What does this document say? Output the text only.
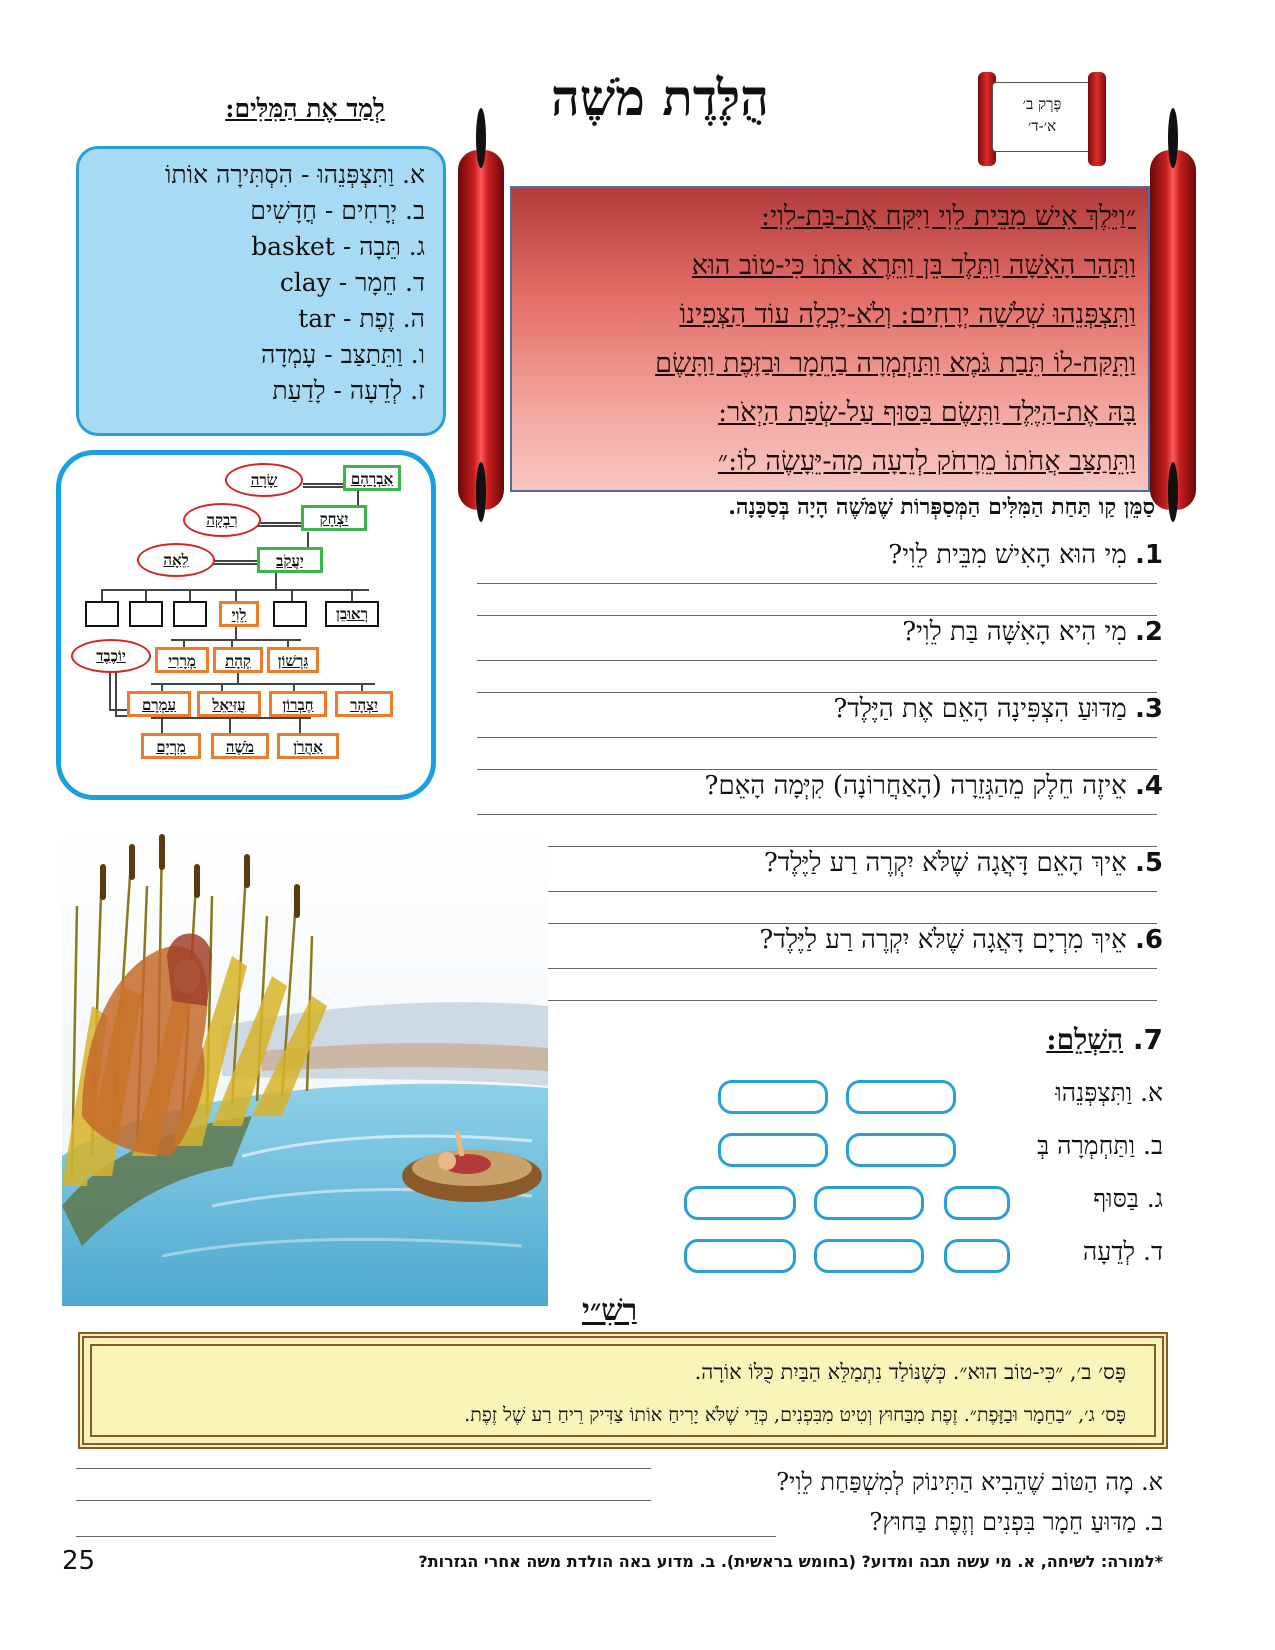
הֻלֶּדֶת מֹשֶׁה	פֶּרֶק ב׳
א׳-ד׳
לְמַד אֶת הַמִּלִּים:
א. וַתִּצְפְּנֵהוּ - הִסְתִּירָה אוֹתוֹ
ב. יְרָחִים - חֳדָשִׁים
ג. תֵּבָה - basket
ד. חֵמָר - clay
ה. זֶפֶת - tar
ו. וַתֵּתַצַּב - עָמְדָה
ז. לְדֵעָה - לָדַעַת
״וַיֵּלֶךְ אִישׁ מִבֵּית לֵוִי וַיִּקַּח אֶת-בַּת-לֵוִי:
וַתַּהַר הָאִשָּׁה וַתֵּלֶד בֵּן וַתֵּרֶא אֹתוֹ כִּי-טוֹב הוּא
וַתִּצְפְּנֵהוּ שְׁלֹשָׁה יְרָחִים: וְלֹא-יָכְלָה עוֹד הַצְּפִינוֹ
וַתִּקַּח-לוֹ תֵּבַת גֹּמֶא וַתַּחְמְרָה בַחֵמָר וּבַזָּפֶת וַתָּשֶׂם
בָּהּ אֶת-הַיֶּלֶד וַתָּשֶׂם בַּסּוּף עַל-שְׂפַת הַיְאֹר:
וַתֵּתַצַּב אֲחֹתוֹ מֵרָחֹק לְדֵעָה מַה-יֵּעָשֶׂה לוֹ:״
סַמֵּן קַו תַּחַת הַמִּלִּים הַמְּסַפְּרוֹת שֶׁמֹּשֶׁה הָיָה בְּסַכָּנָה.
1. מִי הוּא הָאִישׁ מִבֵּית לֵוִי?
2. מִי הִיא הָאִשָּׁה בַּת לֵוִי?
3. מַדּוּעַ הִצְפִּינָה הָאֵם אֶת הַיֶּלֶד?
4. אֵיזֶה חֵלֶק מֵהַגְּזֵרָה (הָאַחֲרוֹנָה) קִיְּמָה הָאֵם?
5. אֵיךְ הָאֵם דָּאֲגָה שֶׁלֹּא יִקְרֶה רַע לַיֶּלֶד?
6. אֵיךְ מִרְיָם דָּאֲגָה שֶׁלֹּא יִקְרֶה רַע לַיֶּלֶד?
אַבְרָהָם
שָׂרָה
יִצְחָק
רִבְקָה
יַעֲקֹב
לֵאָה
לֵוִי	רְאוּבֵן
יוֹכֶבֶד	מְרָרִי	קְהָת	גֵּרְשׁוֹן
עַמְרָם	עֻזִּיאֵל	חֶבְרוֹן	יִצְהָר
מִרְיָם	מֹשֶׁה	אַהֲרֹן
7. הַשְׁלֵם:
א. וַתִּצְפְּנֵהוּ
ב. וַתַּחְמְרָה בְּ
ג. בַּסּוּף
ד. לְדֵעָה
רַשִׁ״י
פָּס׳ ב׳, ״כִּי-טוֹב הוּא״. כְּשֶׁנּוֹלַד נִתְמַלֵּא הַבַּיִת כֻּלּוֹ אוֹרָה.
פָּס׳ ג׳, ״בַחֵמָר וּבַזָּפֶת״. זֶפֶת מִבַּחוּץ וְטִיט מִבִּפְנִים, כְּדֵי שֶׁלֹּא יָרִיחַ אוֹתוֹ צַדִּיק רֵיחַ רַע שֶׁל זֶפֶת.
א. מָה הַטּוֹב שֶׁהֵבִיא הַתִּינוֹק לְמִשְׁפַּחַת לֵוִי?
ב. מַדּוּעַ חֵמָר בִּפְנִים וְזֶפֶת בַּחוּץ?
25	*למורה: לשיחה, א. מי עשה תבה ומדוע? (בחומש בראשית). ב. מדוע באה הולדת משה אחרי הגזרות?
